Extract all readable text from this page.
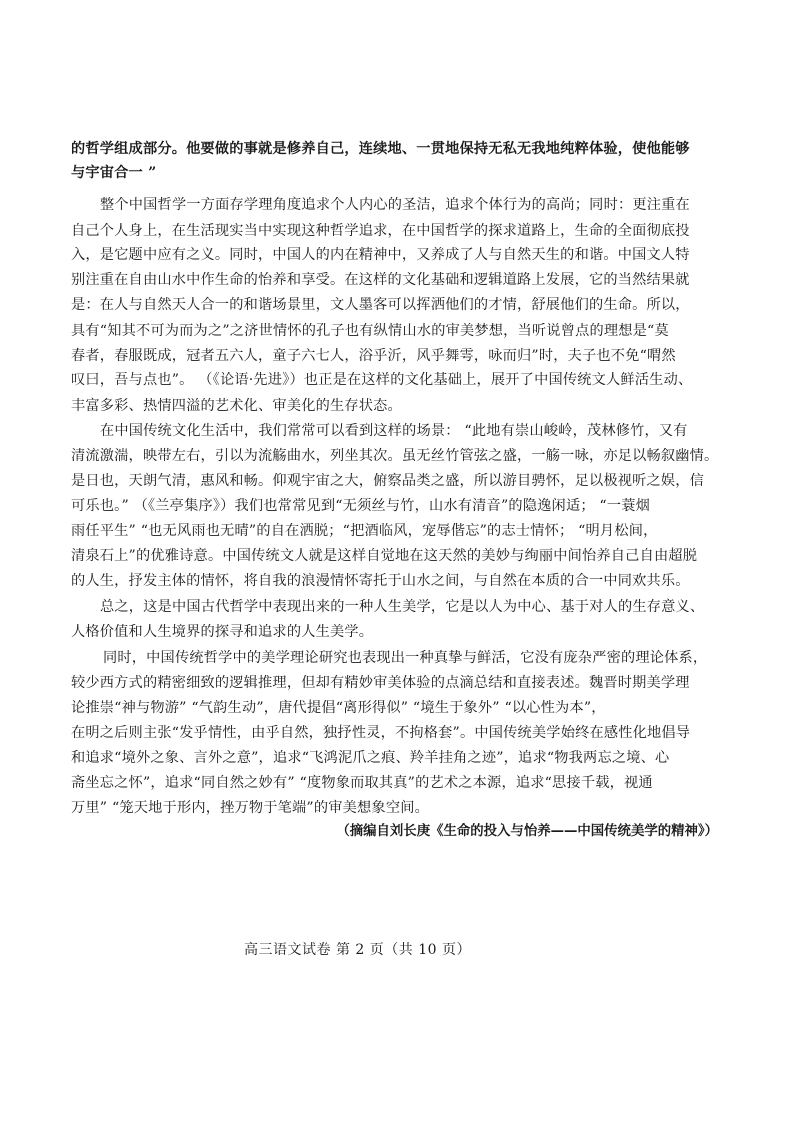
的哲学组成部分。他要做的事就是修养自己，连续地、一贯地保持无私无我地纯粹体验，使他能够
与宇宙合一 ”
整个中国哲学一方面存学理角度追求个人内心的圣洁，追求个体行为的高尚；同时：更注重在
自己个人身上，在生活现实当中实现这种哲学追求，在中国哲学的探求道路上，生命的全面彻底投
入，是它题中应有之义。同时，中国人的内在精神中，又养成了人与自然天生的和谐。中国文人特
别注重在自由山水中作生命的怡养和享受。在这样的文化基础和逻辑道路上发展，它的当然结果就
是：在人与自然天人合一的和谐场景里，文人墨客可以挥洒他们的才情，舒展他们的生命。所以，
具有“知其不可为而为之”之济世情怀的孔子也有纵情山水的审美梦想，当听说曾点的理想是“莫
春者，春服既成，冠者五六人，童子六七人，浴乎沂，风乎舞雩，咏而归”时，夫子也不免“喟然
叹曰，吾与点也”。 （《论语·先进》）也正是在这样的文化基础上，展开了中国传统文人鲜活生动、
丰富多彩、热情四溢的艺术化、审美化的生存状态。
在中国传统文化生活中，我们常常可以看到这样的场景： “此地有崇山峻岭，茂林修竹，又有
清流激湍，映带左右，引以为流觞曲水，列坐其次。虽无丝竹管弦之盛，一觞一咏，亦足以畅叙幽情。
是日也，天朗气清，惠风和畅。仰观宇宙之大，俯察品类之盛，所以游目骋怀，足以极视听之娱，信
可乐也。” （《兰亭集序》）我们也常常见到“无须丝与竹，山水有清音”的隐逸闲适； “一蓑烟
雨任平生” “也无风雨也无晴”的自在洒脱；“把酒临风，宠辱偕忘”的志士情怀； “明月松间，
清泉石上”的优雅诗意。中国传统文人就是这样自觉地在这天然的美妙与绚丽中间怡养自己自由超脱
的人生，抒发主体的情怀，将自我的浪漫情怀寄托于山水之间，与自然在本质的合一中同欢共乐。
总之，这是中国古代哲学中表现出来的一种人生美学，它是以人为中心、基于对人的生存意义、
人格价值和人生境界的探寻和追求的人生美学。
同时，中国传统哲学中的美学理论研究也表现出一种真挚与鲜活，它没有庞杂严密的理论体系，
较少西方式的精密细致的逻辑推理，但却有精妙审美体验的点滴总结和直接表述。魏晋时期美学理
论推崇“神与物游” “气韵生动”，唐代提倡“离形得似” “境生于象外” “以心性为本”，
在明之后则主张“发乎情性，由乎自然，独抒性灵，不拘格套”。中国传统美学始终在感性化地倡导
和追求“境外之象、言外之意”，追求“飞鸿泥爪之痕、羚羊挂角之迹”，追求“物我两忘之境、心
斋坐忘之怀”，追求“同自然之妙有” “度物象而取其真”的艺术之本源，追求“思接千载，视通
万里” “笼天地于形内，挫万物于笔端”的审美想象空间。
（摘编自刘长庚《生命的投入与怡养——中国传统美学的精神》）
高三语文试卷 第 2 页（共 10 页）
